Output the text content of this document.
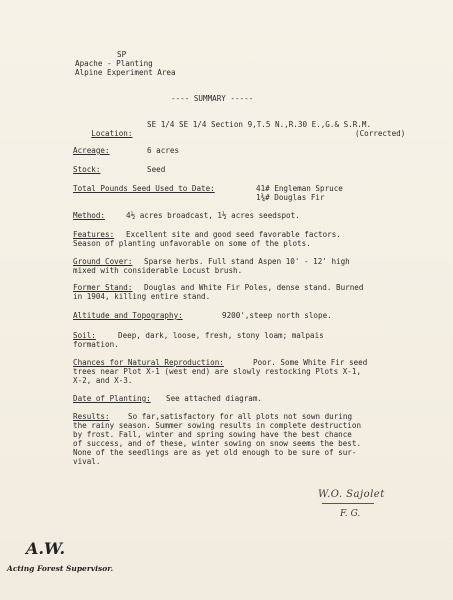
SP
Apache - Planting
Alpine Experiment Area
---- SUMMARY -----

Location:

SE 1/4 SE 1/4 Section 9,T.5 N.,R.30 E.,G.& S.R.M.
(Corrected)
Acreage:	6 acres
Stock:	Seed
Total Pounds Seed Used to Date:	41# Engleman Spruce
1¾# Douglas Fir
Method:	4½ acres broadcast, 1½ acres seedspot.
Features: Excellent site and good seed favorable factors.
Season of planting unfavorable on some of the plots.
Ground Cover: Sparse herbs. Full stand Aspen 10' - 12' high
mixed with considerable Locust brush.
Former Stand: Douglas and White Fir Poles, dense stand. Burned
in 1904, killing entire stand.
Altitude and Topography:	9200',steep north slope.
Soil:	Deep, dark, loose, fresh, stony loam; malpais
formation.
Chances for Natural Reproduction:	Poor. Some White Fir seed
trees near Plot X-1 (west end) are slowly restocking Plots X-1,
X-2, and X-3.
Date of Planting: See attached diagram.
Results: So far,satisfactory for all plots not sown during
the rainy season. Summer sowing results in complete destruction
by frost. Fall, winter and spring sowing have the best chance
of success, and of these, winter sowing on snow seems the best.
None of the seedlings are as yet old enough to be sure of sur-
vival.
W.O. Sajolet
F. G.
A.W.
Acting Forest Supervisor.
